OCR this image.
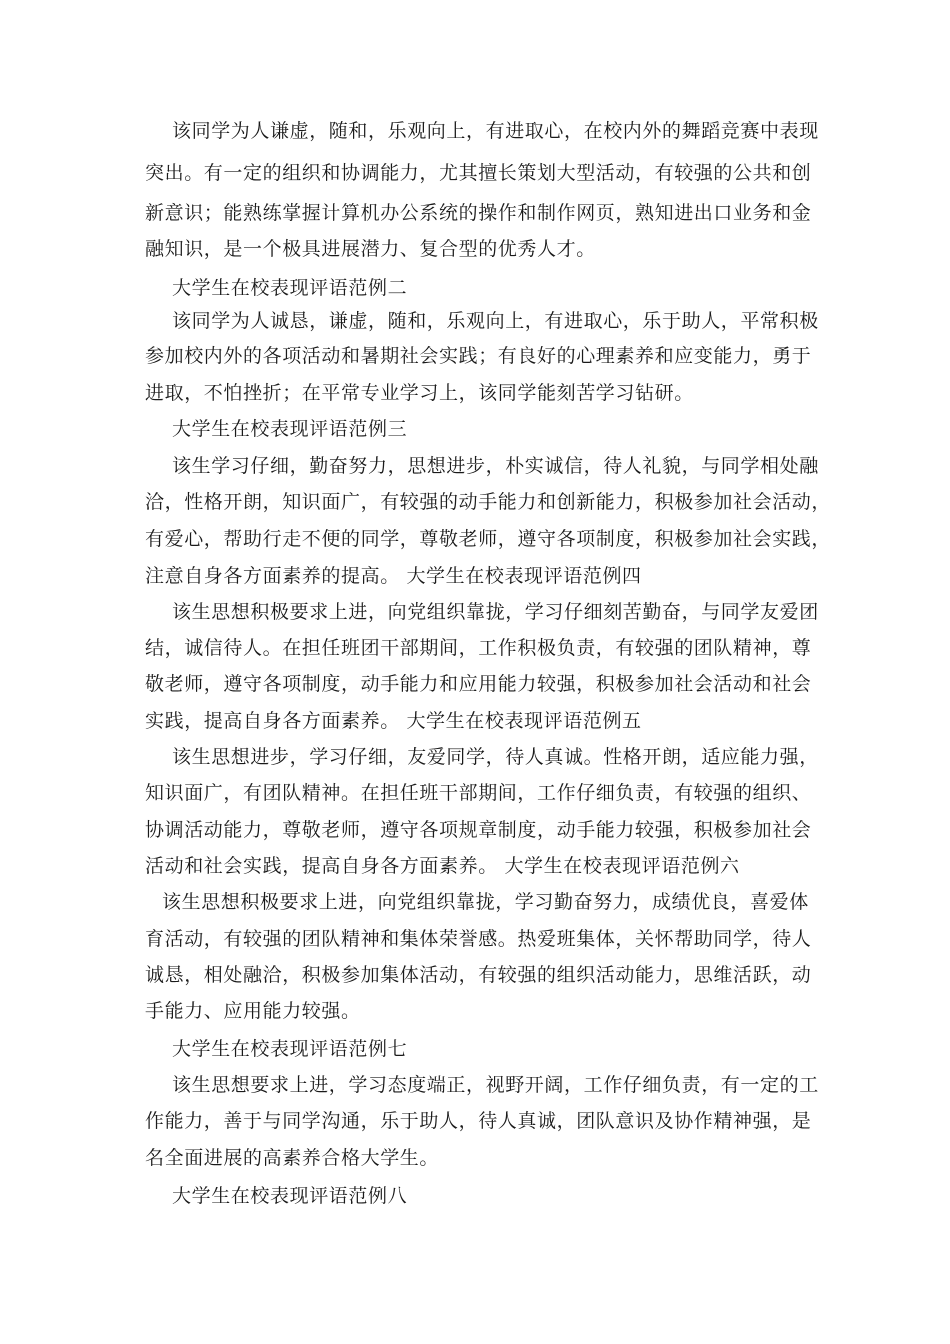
该同学为人谦虚，随和，乐观向上，有进取心，在校内外的舞蹈竞赛中表现
突出。有一定的组织和协调能力，尤其擅长策划大型活动，有较强的公共和创
新意识；能熟练掌握计算机办公系统的操作和制作网页，熟知进出口业务和金
融知识，是一个极具进展潜力、复合型的优秀人才。
大学生在校表现评语范例二
该同学为人诚恳，谦虚，随和，乐观向上，有进取心，乐于助人，平常积极
参加校内外的各项活动和暑期社会实践；有良好的心理素养和应变能力，勇于
进取，不怕挫折；在平常专业学习上，该同学能刻苦学习钻研。
大学生在校表现评语范例三
该生学习仔细，勤奋努力，思想进步，朴实诚信，待人礼貌，与同学相处融
洽，性格开朗，知识面广，有较强的动手能力和创新能力，积极参加社会活动，
有爱心，帮助行走不便的同学，尊敬老师，遵守各项制度，积极参加社会实践，
注意自身各方面素养的提高。 大学生在校表现评语范例四
该生思想积极要求上进，向党组织靠拢，学习仔细刻苦勤奋，与同学友爱团
结，诚信待人。在担任班团干部期间，工作积极负责，有较强的团队精神，尊
敬老师，遵守各项制度，动手能力和应用能力较强，积极参加社会活动和社会
实践，提高自身各方面素养。 大学生在校表现评语范例五
该生思想进步，学习仔细，友爱同学，待人真诚。性格开朗，适应能力强，
知识面广，有团队精神。在担任班干部期间，工作仔细负责，有较强的组织、
协调活动能力，尊敬老师，遵守各项规章制度，动手能力较强，积极参加社会
活动和社会实践，提高自身各方面素养。 大学生在校表现评语范例六
该生思想积极要求上进，向党组织靠拢，学习勤奋努力，成绩优良，喜爱体
育活动，有较强的团队精神和集体荣誉感。热爱班集体，关怀帮助同学，待人
诚恳，相处融洽，积极参加集体活动，有较强的组织活动能力，思维活跃，动
手能力、应用能力较强。
大学生在校表现评语范例七
该生思想要求上进，学习态度端正，视野开阔，工作仔细负责，有一定的工
作能力，善于与同学沟通，乐于助人，待人真诚，团队意识及协作精神强，是
名全面进展的高素养合格大学生。
大学生在校表现评语范例八
